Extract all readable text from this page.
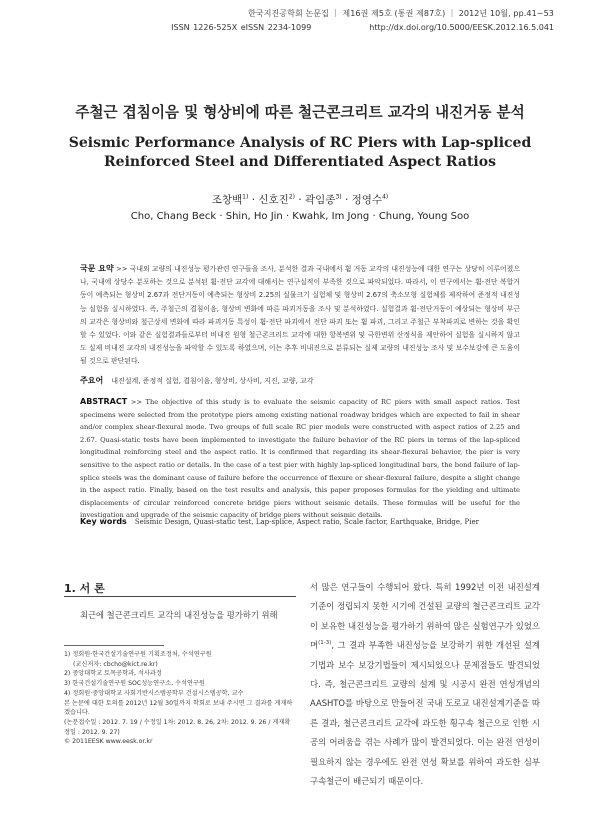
한국지진공학회 논문집 ｜ 제16권 제5호 (통권 제87호) ｜ 2012년 10월, pp.41~53
ISSN 1226-525X eISSN 2234-1099	http://dx.doi.org/10.5000/EESK.2012.16.5.041
주철근 겹침이음 및 형상비에 따른 철근콘크리트 교각의 내진거동 분석
Seismic Performance Analysis of RC Piers with Lap-spliced
Reinforced Steel and Differentiated Aspect Ratios
조창백$^{1)}$ · 신호진$^{2)}$ · 곽임종$^{3)}$ · 정영수$^{4)}$
Cho, Chang Beck · Shin, Ho Jin · Kwahk, Im Jong · Chung, Young Soo
국문 요약 >> 국내외 교량의 내진성능 평가관련 연구들을 조사, 분석한 결과 국내에서 휨 거동 교각의 내진성능에 대한 연구는 상당히 이루어졌으나, 국내에 상당수 분포하는 것으로 분석된 휨-전단 교각에 대해서는 연구실적이 부족한 것으로 파악되었다. 따라서, 이 연구에서는 휨-전단 복합거동이 예측되는 형상비 2.67과 전단거동이 예측되는 형상비 2.25의 실물크기 실험체 및 형상비 2.67의 축소모형 실험체를 제작하여 준정적 내진성능 실험을 실시하였다. 즉, 주철근의 겹침이음, 형상비 변화에 따른 파괴거동을 조사 및 분석하였다. 실험결과 휨-전단거동이 예상되는 형상비 부근의 교각은 형상비와 철근상세 변화에 따라 파괴거동 특성이 휨-전단 파괴에서 전단 파괴 또는 휨 파괴, 그리고 주철근 부착파괴로 변하는 것을 확인할 수 있었다. 이와 같은 실험결과들로부터 비내진 원형 철근콘크리트 교각에 대한 항복변위 및 극한변위 산정식을 제안하여 실험을 실시하지 않고도 실제 비내진 교각의 내진성능을 파악할 수 있도록 하였으며, 이는 추후 비내진으로 분류되는 실제 교량의 내진성능 조사 및 보수보강에 큰 도움이 될 것으로 판단된다.
주요어 내진설계, 준정적 실험, 겹침이음, 형상비, 상사비, 지진, 교량, 교각
ABSTRACT >> The objective of this study is to evaluate the seismic capacity of RC piers with small aspect ratios. Test specimens were selected from the prototype piers among existing national roadway bridges which are expected to fail in shear and/or complex shear-flexural mode. Two groups of full scale RC pier models were constructed with aspect ratios of 2.25 and 2.67. Quasi-static tests have been implemented to investigate the failure behavior of the RC piers in terms of the lap-spliced longitudinal reinforcing steel and the aspect ratio. It is confirmed that regarding its shear-flexural behavior, the pier is very sensitive to the aspect ratio or details. In the case of a test pier with highly lap-spliced longitudinal bars, the bond failure of lap-splice steels was the dominant cause of failure before the occurrence of flexure or shear-flexural failure, despite a slight change in the aspect ratio. Finally, based on the test results and analysis, this paper proposes formulas for the yielding and ultimate displacements of circular reinforced concrete bridge piers without seismic details. These formulas will be useful for the investigation and upgrade of the seismic capacity of bridge piers without seismic details.
Key words Seismic Design, Quasi-static test, Lap-splice, Aspect ratio, Scale factor, Earthquake, Bridge, Pier
1. 서 론
최근에 철근콘크리트 교각의 내진성능을 평가하기 위해
1) 정회원·한국건설기술연구원 기획조정처, 수석연구원
(교신저자: cbcho@kict.re.kr)
2) 중앙대학교 토목공학과, 석사과정
3) 한국건설기술연구원 SOC성능연구소, 수석연구원
4) 정회원·중앙대학교 사회기반시스템공학부 건설시스템공학, 교수
본 논문에 대한 토의를 2012년 12월 30일까지 학회로 보내 주시면 그 결과를 게재하겠습니다.
(논문접수일 : 2012. 7. 19 / 수정일 1차: 2012. 8. 26, 2차: 2012. 9. 26 / 게재확정일 : 2012. 9. 27)
© 2011EESK www.eesk.or.kr
서 많은 연구들이 수행되어 왔다. 특히 1992년 이전 내진설계기준이 정립되지 못한 시기에 건설된 교량의 철근콘크리트 교각이 보유한 내진성능을 평가하기 위하여 많은 실험연구가 있었으며$^{(1-3)}$, 그 결과 부족한 내진성능을 보강하기 위한 개선된 설계기법과 보수 보강기법들이 제시되었으나 문제점들도 발견되었다. 즉, 철근콘크리트 교량의 설계 및 시공시 완전 연성개념의 AASHTO를 바탕으로 만들어진 국내 도로교 내진설계기준을 따른 결과, 철근콘크리트 교각에 과도한 횡구속 철근으로 인한 시공의 어려움을 겪는 사례가 많이 발견되었다. 이는 완전 연성이 필요하지 않는 경우에도 완전 연성 확보를 위하여 과도한 심부 구속철근이 배근되기 때문이다.
